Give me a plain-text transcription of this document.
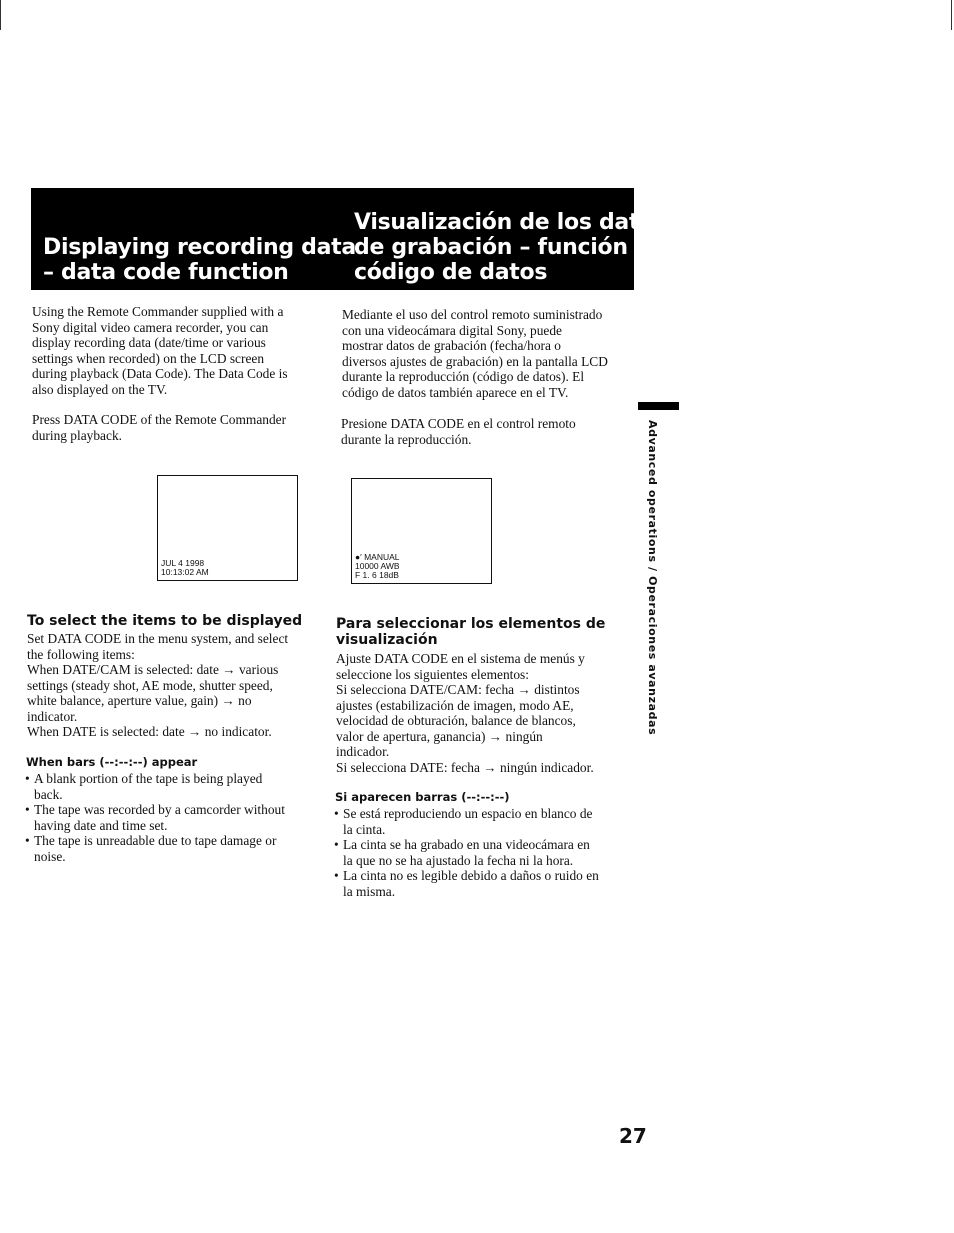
Displaying recording data
– data code function
Visualización de los datos
de grabación – función de
código de datos

Using the Remote Commander supplied with a
Sony digital video camera recorder, you can
display recording data (date/time or various
settings when recorded) on the LCD screen
during playback (Data Code). The Data Code is
also displayed on the TV.

Press DATA CODE of the Remote Commander
during playback.

Mediante el uso del control remoto suministrado
con una videocámara digital Sony, puede
mostrar datos de grabación (fecha/hora o
diversos ajustes de grabación) en la pantalla LCD
durante la reproducción (código de datos). El
código de datos también aparece en el TV.

Presione DATA CODE en el control remoto
durante la reproducción.

JUL 4 1998
10:13:02 AM

●′ MANUAL
10000 AWB
F 1. 6 18dB

To select the items to be displayed

Set DATA CODE in the menu system, and select
the following items:
When DATE/CAM is selected: date → various
settings (steady shot, AE mode, shutter speed,
white balance, aperture value, gain) → no
indicator.
When DATE is selected: date → no indicator.

When bars (--:--:--) appear
• A blank portion of the tape is being played
back.
• The tape was recorded by a camcorder without
having date and time set.
• The tape is unreadable due to tape damage or
noise.
Para seleccionar los elementos de
visualización

Ajuste DATA CODE en el sistema de menús y
seleccione los siguientes elementos:
Si selecciona DATE/CAM: fecha → distintos
ajustes (estabilización de imagen, modo AE,
velocidad de obturación, balance de blancos,
valor de apertura, ganancia) → ningún
indicador.
Si selecciona DATE: fecha → ningún indicador.

Si aparecen barras (--:--:--)
• Se está reproduciendo un espacio en blanco de
la cinta.
• La cinta se ha grabado en una videocámara en
la que no se ha ajustado la fecha ni la hora.
• La cinta no es legible debido a daños o ruido en
la misma.
Advanced operations / Operaciones avanzadas
27
